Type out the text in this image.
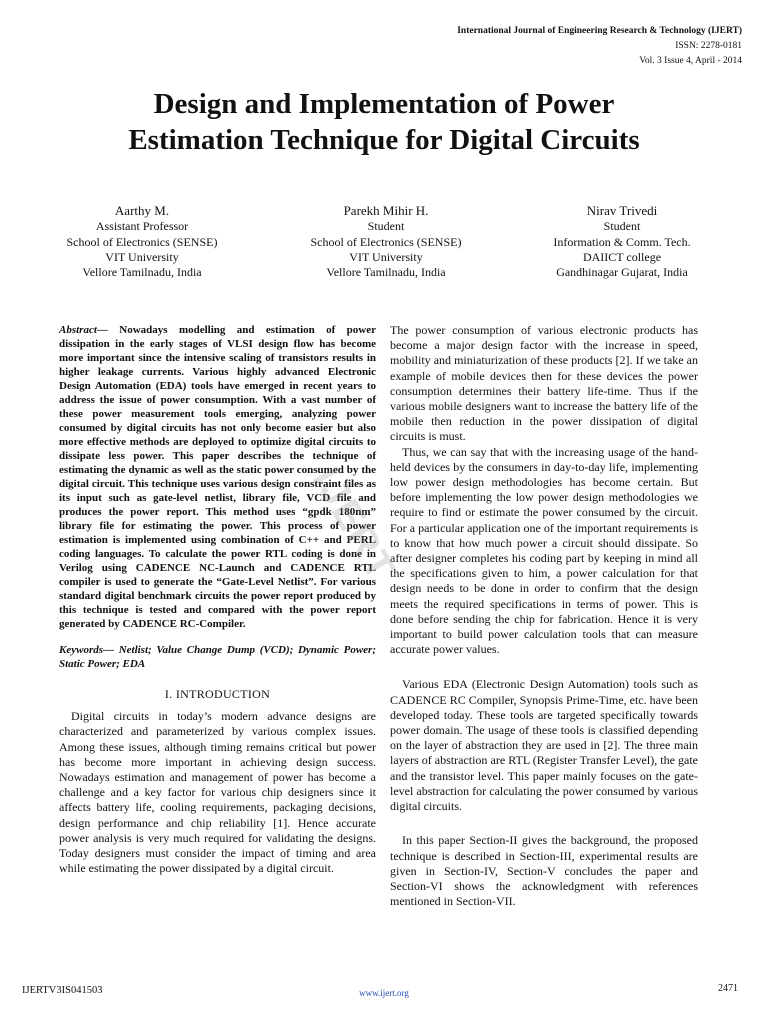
International Journal of Engineering Research & Technology (IJERT)
ISSN: 2278-0181
Vol. 3 Issue 4, April - 2014
Design and Implementation of Power
Estimation Technique for Digital Circuits
Aarthy M.
Assistant Professor
School of Electronics (SENSE)
VIT University
Vellore Tamilnadu, India
Parekh Mihir H.
Student
School of Electronics (SENSE)
VIT University
Vellore Tamilnadu, India
Nirav Trivedi
Student
Information & Comm. Tech.
DAIICT college
Gandhinagar Gujarat, India

Abstract— Nowadays modelling and estimation of power dissipation in the early stages of VLSI design flow has become more important since the intensive scaling of transistors results in higher leakage currents. Various highly advanced Electronic Design Automation (EDA) tools have emerged in recent years to address the issue of power consumption. With a vast number of these power measurement tools emerging, analyzing power consumed by digital circuits has not only become easier but also more effective methods are deployed to optimize digital circuits to dissipate less power. This paper describes the technique of estimating the dynamic as well as the static power consumed by the digital circuit. This technique uses various design constraint files as its input such as gate-level netlist, library file, VCD file and produces the power report. This method uses “gpdk 180nm” library file for estimating the power. This process of power estimation is implemented using combination of C++ and PERL coding languages. To calculate the power RTL coding is done in Verilog using CADENCE NC-Launch and CADENCE RTL compiler is used to generate the “Gate-Level Netlist”. For various standard digital benchmark circuits the power report produced by this technique is tested and compared with the power report generated by CADENCE RC-Compiler.

Keywords— Netlist; Value Change Dump (VCD); Dynamic Power; Static Power; EDA

I. INTRODUCTION

Digital circuits in today’s modern advance designs are characterized and parameterized by various complex issues. Among these issues, although timing remains critical but power has become more important in achieving design success. Nowadays estimation and management of power has become a challenge and a key factor for various chip designers since it affects battery life, cooling requirements, packaging decisions, design performance and chip reliability [1]. Hence accurate power analysis is very much required for validating the designs. Today designers must consider the impact of timing and area while estimating the power dissipated by a digital circuit.

The power consumption of various electronic products has become a major design factor with the increase in speed, mobility and miniaturization of these products [2]. If we take an example of mobile devices then for these devices the power consumption determines their battery life-time. Thus if the various mobile designers want to increase the battery life of the mobile then reduction in the power dissipation of digital circuits is must.

Thus, we can say that with the increasing usage of the hand-held devices by the consumers in day-to-day life, implementing low power design methodologies has become certain. But before implementing the low power design methodologies we require to find or estimate the power consumed by the circuit. For a particular application one of the important requirements is to know that how much power a circuit should dissipate. So after designer completes his coding part by keeping in mind all the specifications given to him, a power calculation for that design needs to be done in order to confirm that the design meets the required specifications in terms of power. This is done before sending the chip for fabrication. Hence it is very important to build power calculation tools that can measure accurate power values.

Various EDA (Electronic Design Automation) tools such as CADENCE RC Compiler, Synopsis Prime-Time, etc. have been developed today. These tools are targeted specifically towards power domain. The usage of these tools is classified depending on the layer of abstraction they are used in [2]. The three main layers of abstraction are RTL (Register Transfer Level), the gate and the transistor level. This paper mainly focuses on the gate-level abstraction for calculating the power consumed by various digital circuits.

In this paper Section-II gives the background, the proposed technique is described in Section-III, experimental results are given in Section-IV, Section-V concludes the paper and Section-VI shows the acknowledgment with references mentioned in Section-VII.

IJERT
IJERTV3IS041503	www.ijert.org	2471
